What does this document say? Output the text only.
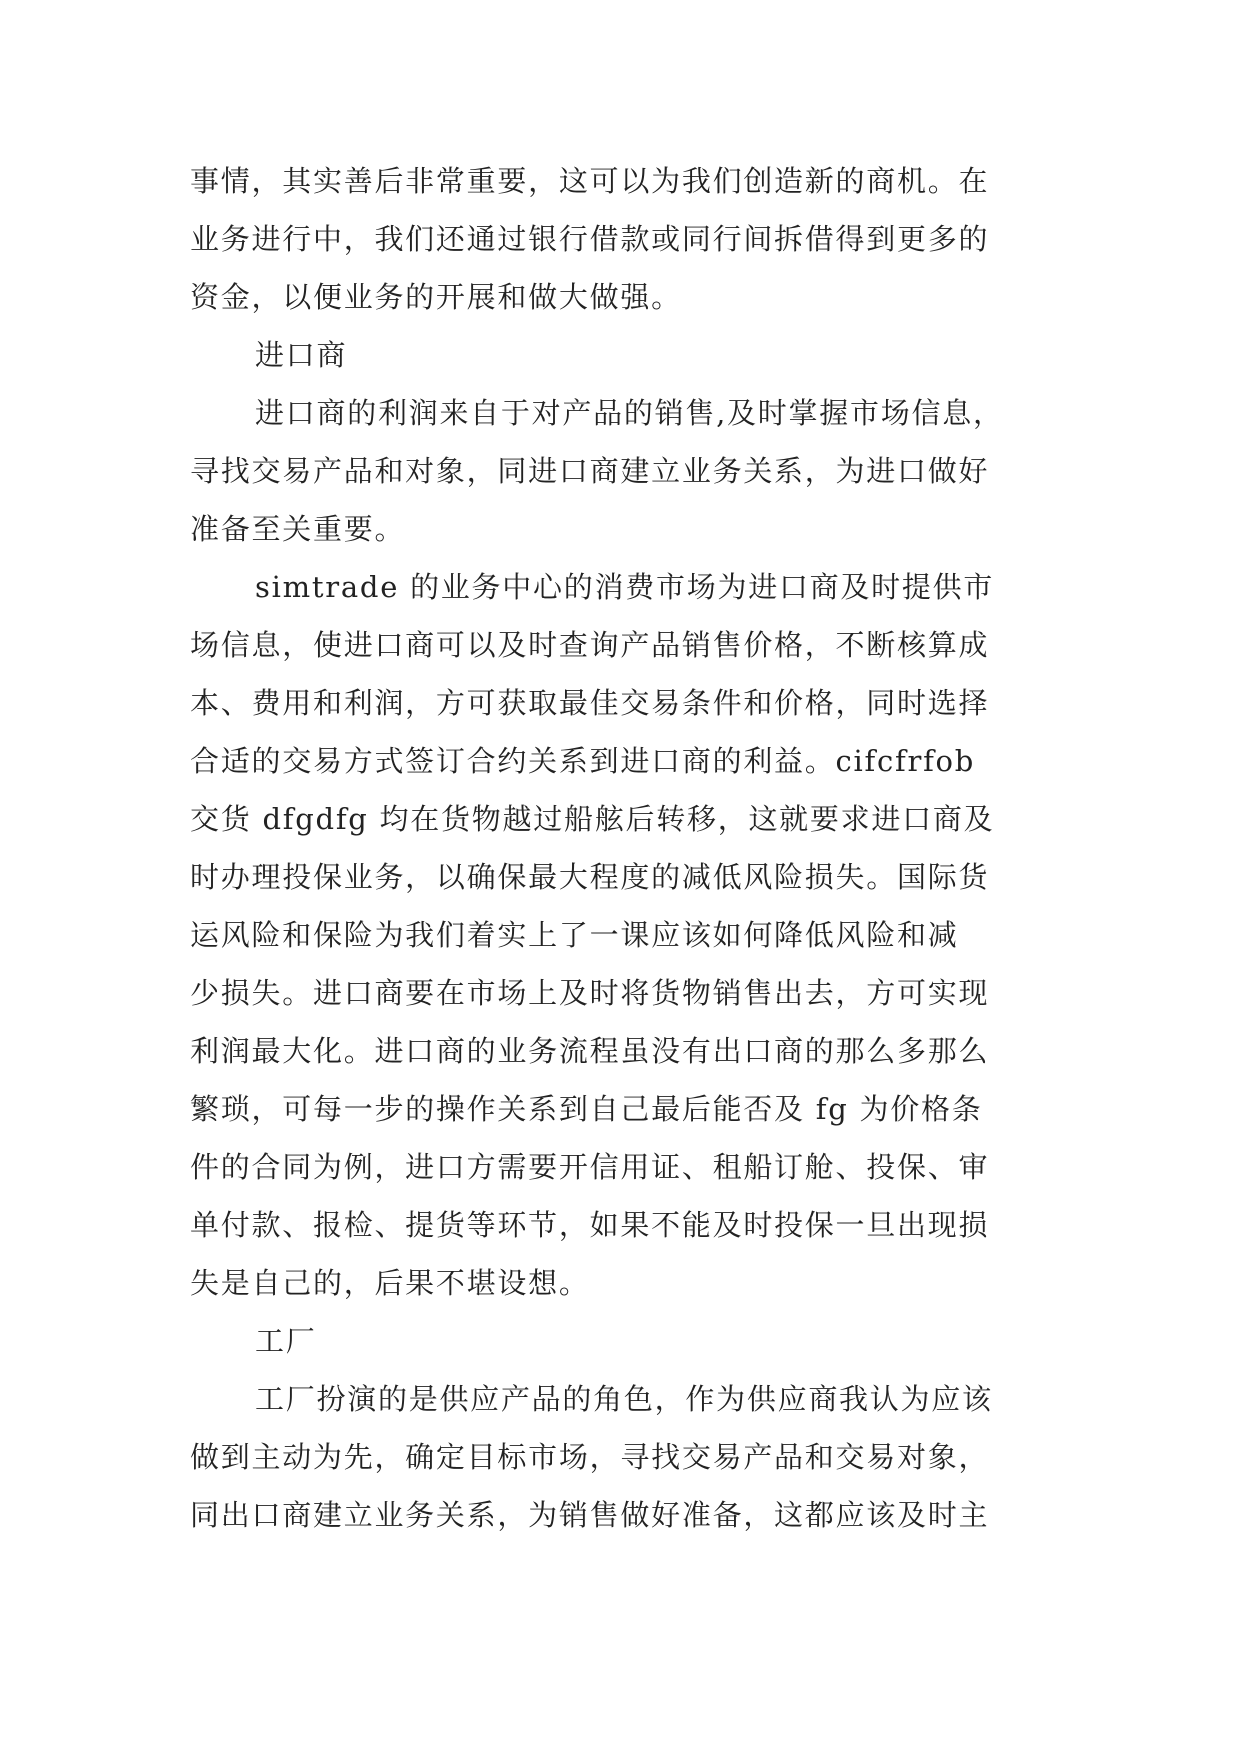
事情，其实善后非常重要，这可以为我们创造新的商机。在
业务进行中，我们还通过银行借款或同行间拆借得到更多的
资金，以便业务的开展和做大做强。
进口商
进口商的利润来自于对产品的销售,及时掌握市场信息，
寻找交易产品和对象，同进口商建立业务关系，为进口做好
准备至关重要。
simtrade 的业务中心的消费市场为进口商及时提供市
场信息，使进口商可以及时查询产品销售价格，不断核算成
本、费用和利润，方可获取最佳交易条件和价格，同时选择
合适的交易方式签订合约关系到进口商的利益。cifcfrfob
交货 dfgdfg 均在货物越过船舷后转移，这就要求进口商及
时办理投保业务，以确保最大程度的减低风险损失。国际货
运风险和保险为我们着实上了一课应该如何降低风险和减
少损失。进口商要在市场上及时将货物销售出去，方可实现
利润最大化。进口商的业务流程虽没有出口商的那么多那么
繁琐，可每一步的操作关系到自己最后能否及 fg 为价格条
件的合同为例，进口方需要开信用证、租船订舱、投保、审
单付款、报检、提货等环节，如果不能及时投保一旦出现损
失是自己的，后果不堪设想。
工厂
工厂扮演的是供应产品的角色，作为供应商我认为应该
做到主动为先，确定目标市场，寻找交易产品和交易对象，
同出口商建立业务关系，为销售做好准备，这都应该及时主
